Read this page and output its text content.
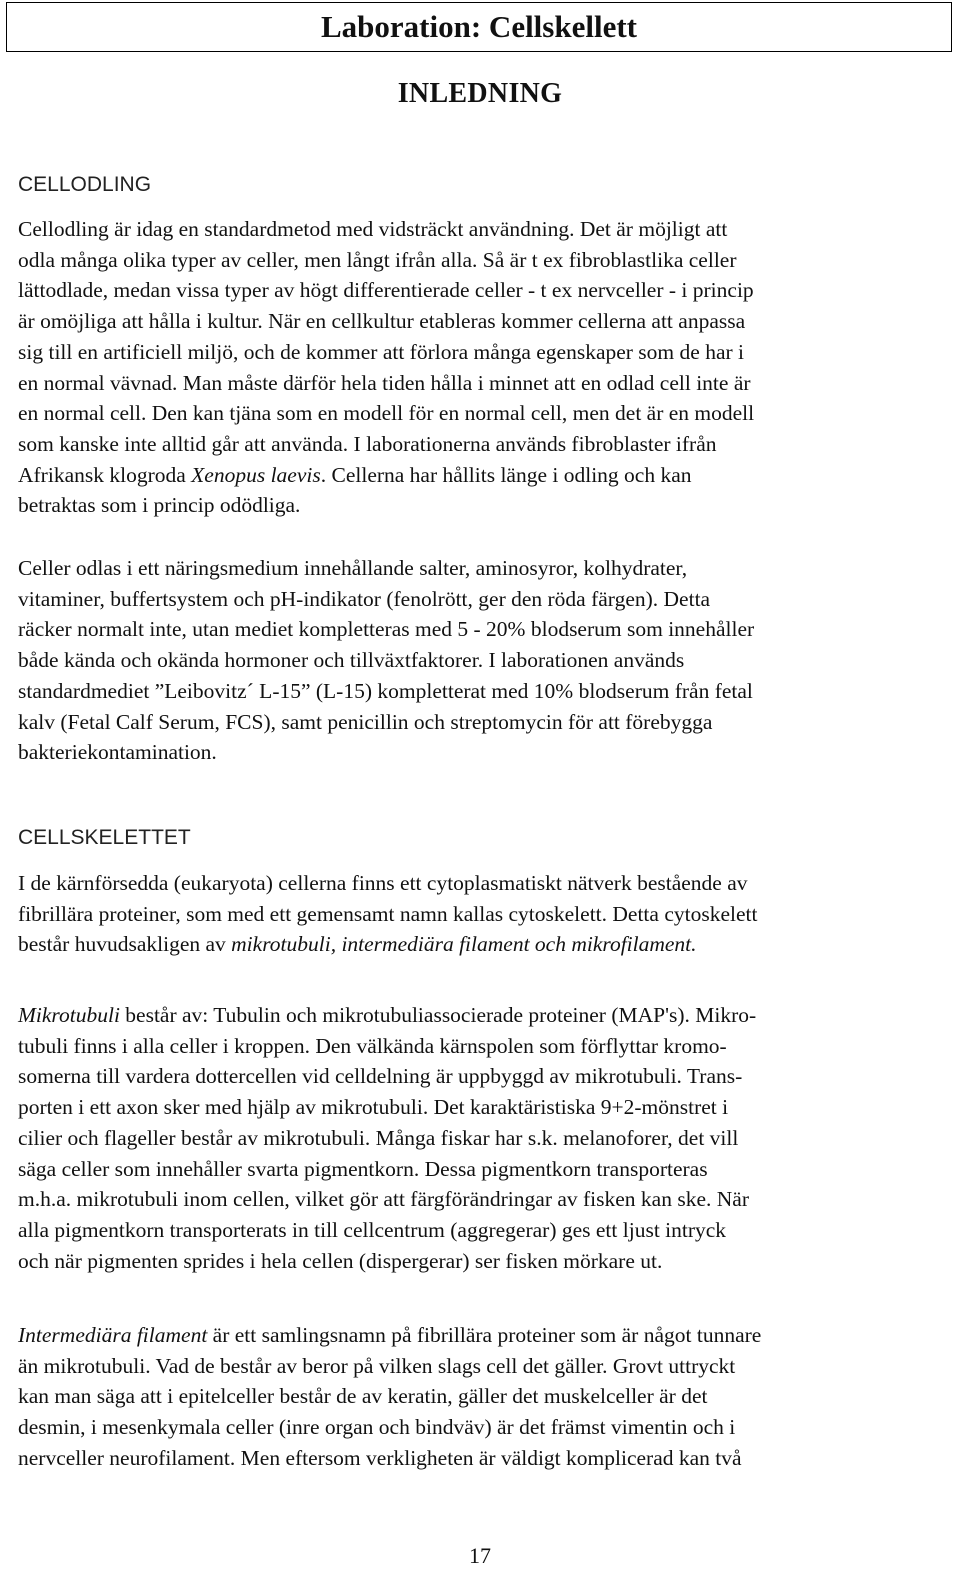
Laboration: Cellskellett
INLEDNING
CELLODLING
Cellodling är idag en standardmetod med vidsträckt användning. Det är möjligt att
odla många olika typer av celler, men långt ifrån alla. Så är t ex fibroblastlika celler
lättodlade, medan vissa typer av högt differentierade celler - t ex nervceller - i princip
är omöjliga att hålla i kultur. När en cellkultur etableras kommer cellerna att anpassa
sig till en artificiell miljö, och de kommer att förlora många egenskaper som de har i
en normal vävnad. Man måste därför hela tiden hålla i minnet att en odlad cell inte är
en normal cell. Den kan tjäna som en modell för en normal cell, men det är en modell
som kanske inte alltid går att använda. I laborationerna används fibroblaster ifrån
Afrikansk klogroda Xenopus laevis. Cellerna har hållits länge i odling och kan
betraktas som i princip odödliga.
Celler odlas i ett näringsmedium innehållande salter, aminosyror, kolhydrater,
vitaminer, buffertsystem och pH-indikator (fenolrött, ger den röda färgen). Detta
räcker normalt inte, utan mediet kompletteras med 5 - 20% blodserum som innehåller
både kända och okända hormoner och tillväxtfaktorer. I laborationen används
standardmediet ”Leibovitz´ L-15” (L-15) kompletterat med 10% blodserum från fetal
kalv (Fetal Calf Serum, FCS), samt penicillin och streptomycin för att förebygga
bakteriekontamination.
CELLSKELETTET
I de kärnförsedda (eukaryota) cellerna finns ett cytoplasmatiskt nätverk bestående av
fibrillära proteiner, som med ett gemensamt namn kallas cytoskelett. Detta cytoskelett
består huvudsakligen av mikrotubuli, intermediära filament och mikrofilament.
Mikrotubuli består av: Tubulin och mikrotubuliassocierade proteiner (MAP's). Mikro-
tubuli finns i alla celler i kroppen. Den välkända kärnspolen som förflyttar kromo-
somerna till vardera dottercellen vid celldelning är uppbyggd av mikrotubuli. Trans-
porten i ett axon sker med hjälp av mikrotubuli. Det karaktäristiska 9+2-mönstret i
cilier och flageller består av mikrotubuli. Många fiskar har s.k. melanoforer, det vill
säga celler som innehåller svarta pigmentkorn. Dessa pigmentkorn transporteras
m.h.a. mikrotubuli inom cellen, vilket gör att färgförändringar av fisken kan ske. När
alla pigmentkorn transporterats in till cellcentrum (aggregerar) ges ett ljust intryck
och när pigmenten sprides i hela cellen (dispergerar) ser fisken mörkare ut.
Intermediära filament är ett samlingsnamn på fibrillära proteiner som är något tunnare
än mikrotubuli. Vad de består av beror på vilken slags cell det gäller. Grovt uttryckt
kan man säga att i epitelceller består de av keratin, gäller det muskelceller är det
desmin, i mesenkymala celler (inre organ och bindväv) är det främst vimentin och i
nervceller neurofilament. Men eftersom verkligheten är väldigt komplicerad kan två
17
